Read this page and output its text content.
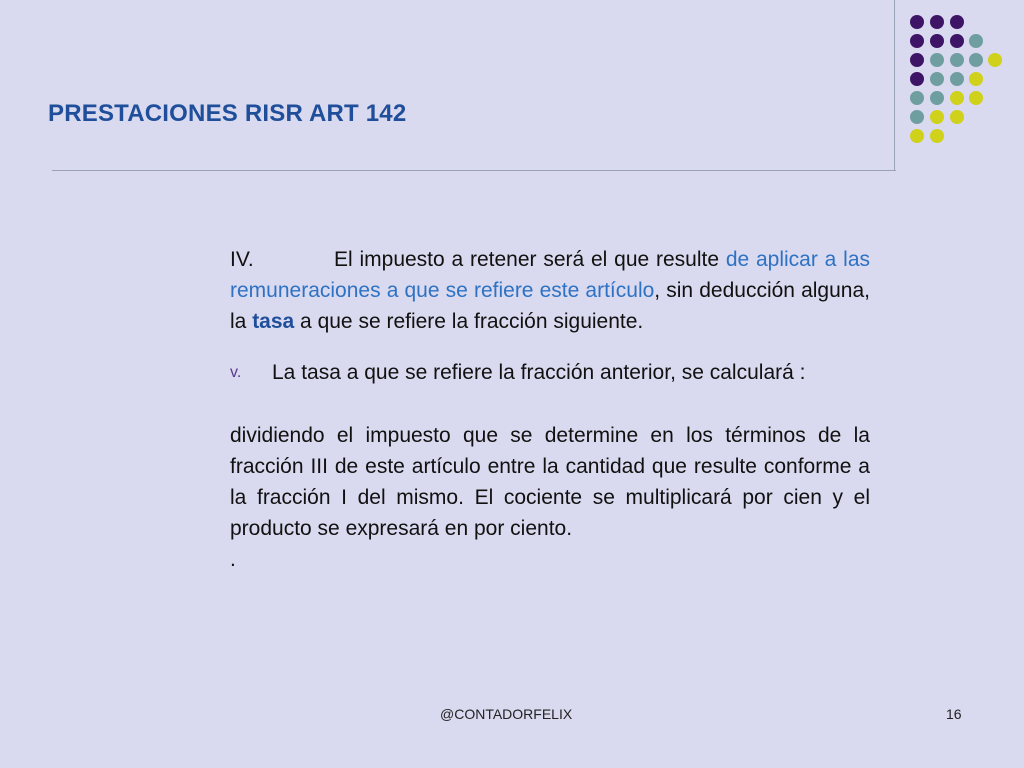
PRESTACIONES RISR ART 142

IV.	El impuesto a retener será el que resulte de aplicar a las remuneraciones a que se refiere este artículo, sin deducción alguna, la tasa a que se refiere la fracción siguiente.

v.	La tasa a que se refiere la fracción anterior, se calculará :

dividiendo el impuesto que se determine en los términos de la fracción III de este artículo entre la cantidad que resulte conforme a la fracción I del mismo. El cociente se multiplicará por cien y el producto se expresará en por ciento.

.

@CONTADORFELIX	16
